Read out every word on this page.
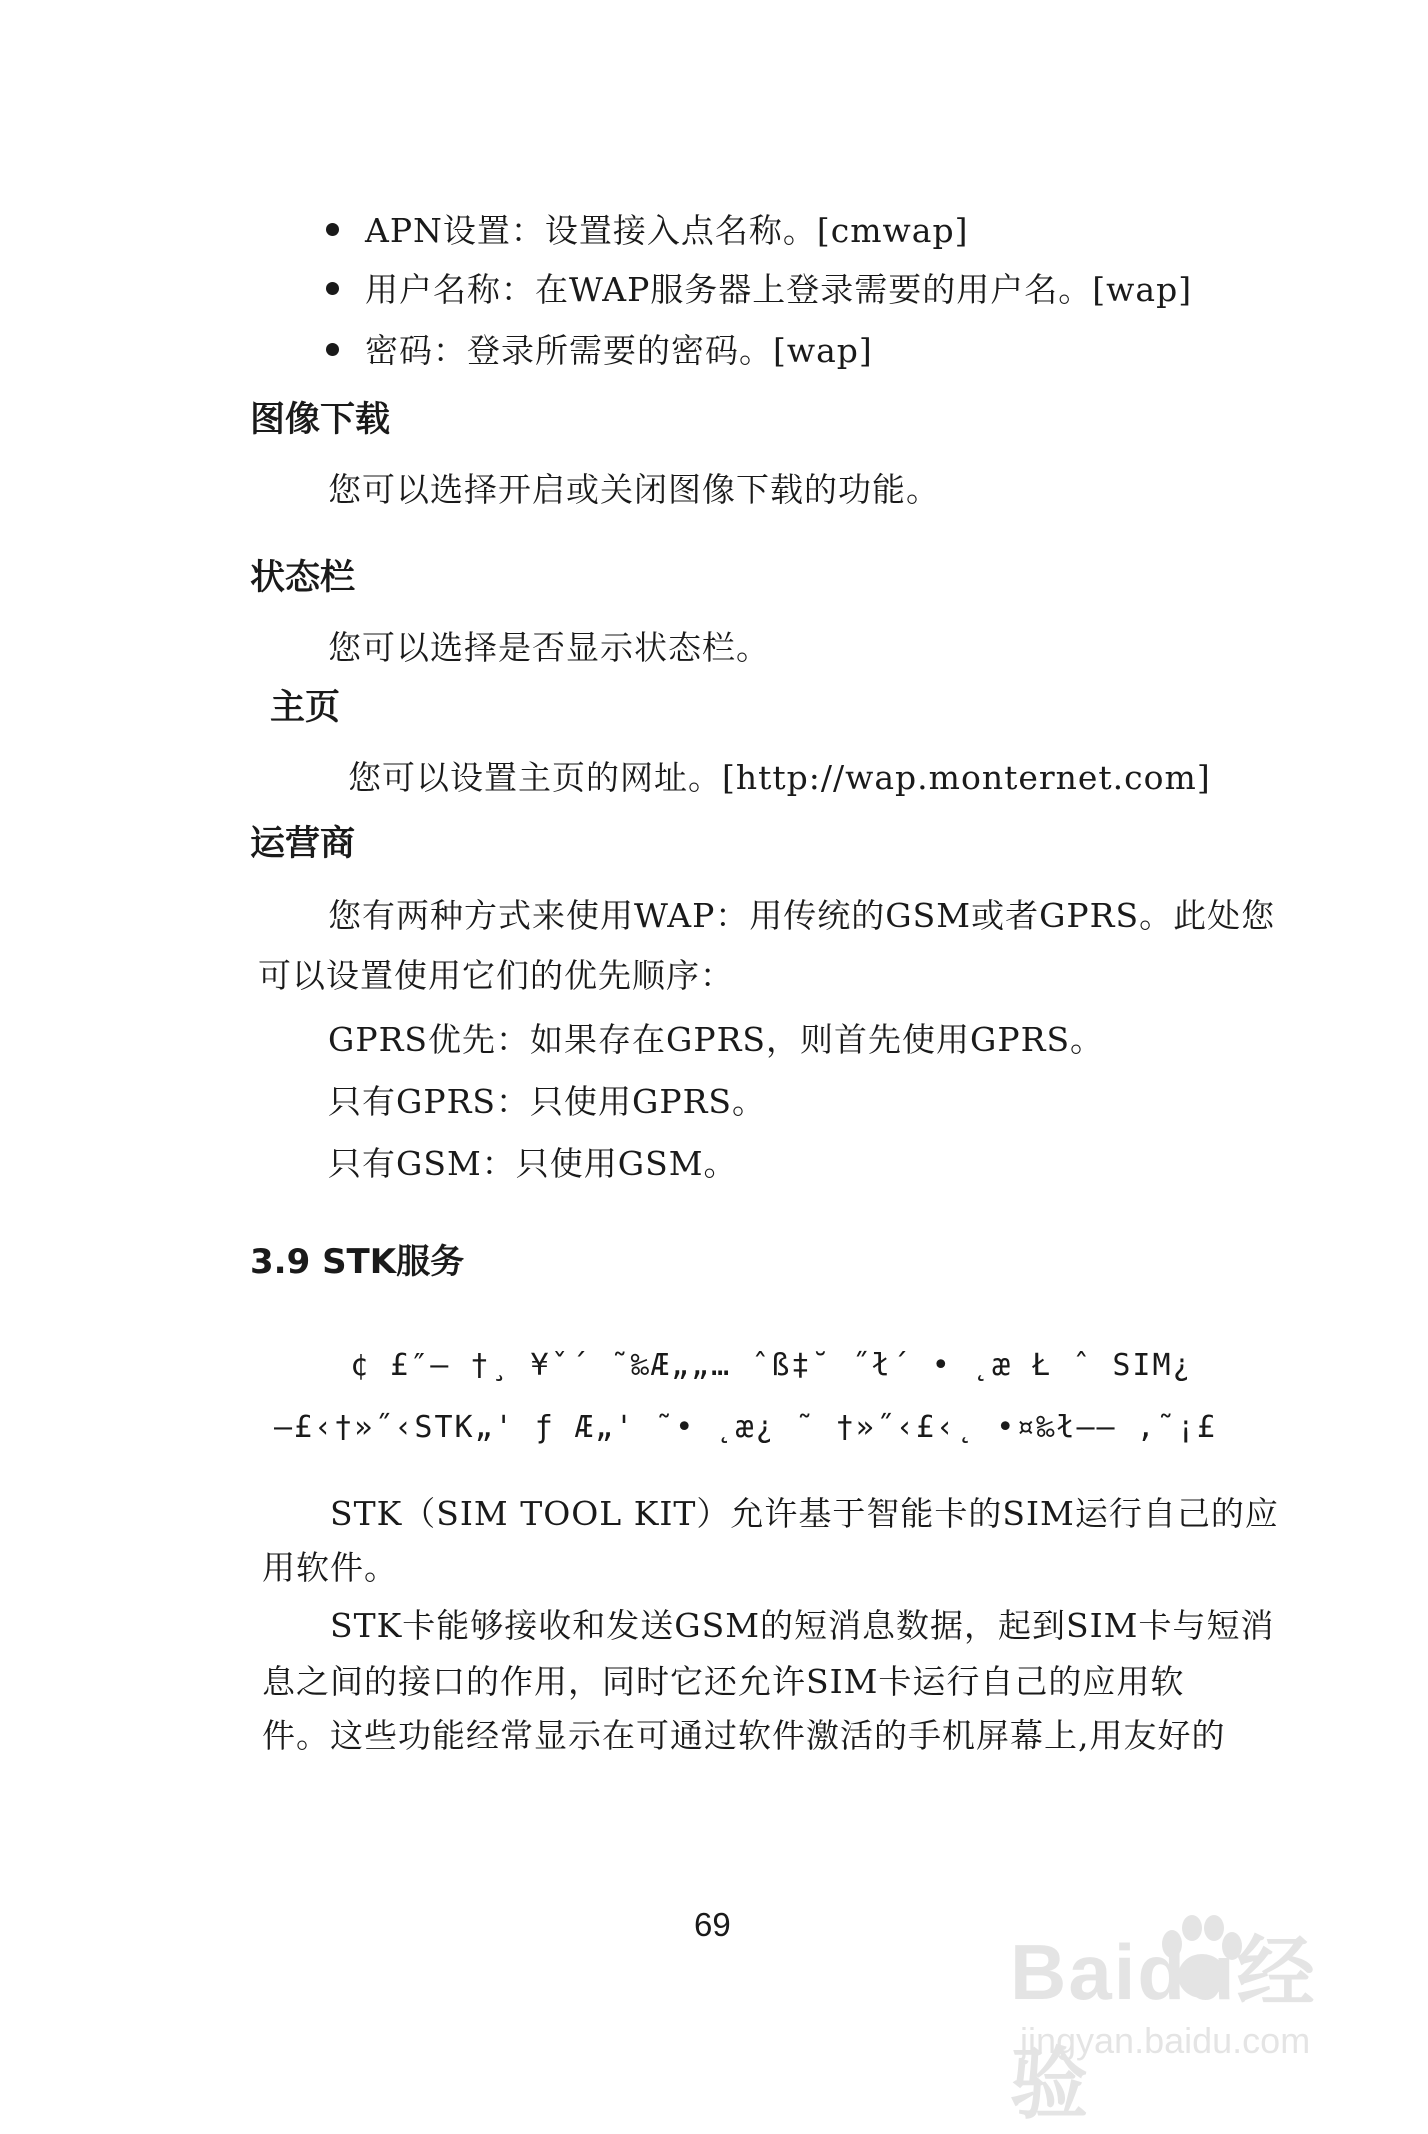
APN设置：设置接入点名称。[cmwap]
用户名称：在WAP服务器上登录需要的用户名。[wap]
密码：登录所需要的密码。[wap]
图像下载

您可以选择开启或关闭图像下载的功能。

状态栏

您可以选择是否显示状态栏。

主页

您可以设置主页的网址。[http://wap.monternet.com]

运营商

您有两种方式来使用WAP：用传统的GSM或者GPRS。此处您

可以设置使用它们的优先顺序：

GPRS优先：如果存在GPRS，则首先使用GPRS。

只有GPRS：只使用GPRS。

只有GSM：只使用GSM。

3.9 STK服务

¢ £″– †¸ ¥ˇ´ ˜‰Æ„„… ˆß‡˘ ˝ł´ • ˛æ Ł ˆ SIM¿

—£‹†»˝‹STK„' ƒ Æ„' ˜• ˛æ¿ ˜ †»˝‹£‹˛ •¤‰ł—— ,˜¡£

STK（SIM TOOL KIT）允许基于智能卡的SIM运行自己的应

用软件。

STK卡能够接收和发送GSM的短消息数据，起到SIM卡与短消

息之间的接口的作用，同时它还允许SIM卡运行自己的应用软

件。这些功能经常显示在可通过软件激活的手机屏幕上,用友好的

69
Baidu经验
jingyan.baidu.com
